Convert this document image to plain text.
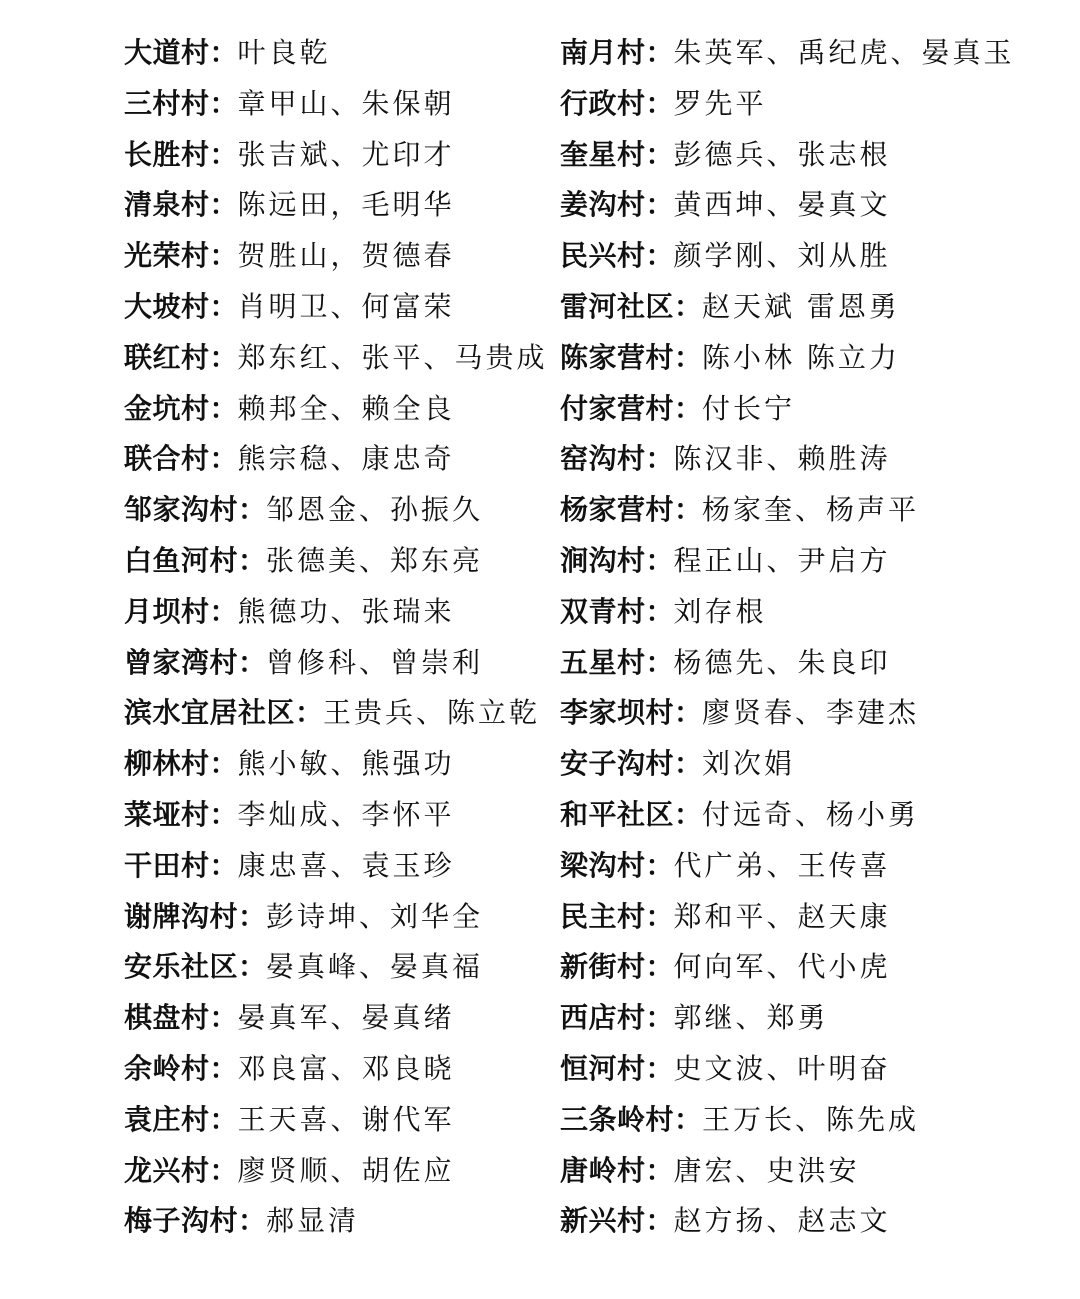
大道村：叶良乾
三村村：章甲山、朱保朝
长胜村：张吉斌、尤印才
清泉村：陈远田，毛明华
光荣村：贺胜山，贺德春
大坡村：肖明卫、何富荣
联红村：郑东红、张平、马贵成
金坑村：赖邦全、赖全良
联合村：熊宗稳、康忠奇
邹家沟村：邹恩金、孙振久
白鱼河村：张德美、郑东亮
月坝村：熊德功、张瑞来
曾家湾村：曾修科、曾崇利
滨水宜居社区：王贵兵、陈立乾
柳林村：熊小敏、熊强功
菜垭村：李灿成、李怀平
干田村：康忠喜、袁玉珍
谢牌沟村：彭诗坤、刘华全
安乐社区：晏真峰、晏真福
棋盘村：晏真军、晏真绪
余岭村：邓良富、邓良晓
袁庄村：王天喜、谢代军
龙兴村：廖贤顺、胡佐应
梅子沟村：郝显清
南月村：朱英军、禹纪虎、晏真玉
行政村：罗先平
奎星村：彭德兵、张志根
姜沟村：黄西坤、晏真文
民兴村：颜学刚、刘从胜
雷河社区：赵天斌 雷恩勇
陈家营村：陈小林 陈立力
付家营村：付长宁
窑沟村：陈汉非、赖胜涛
杨家营村：杨家奎、杨声平
涧沟村：程正山、尹启方
双青村：刘存根
五星村：杨德先、朱良印
李家坝村：廖贤春、李建杰
安子沟村：刘次娟
和平社区：付远奇、杨小勇
梁沟村：代广弟、王传喜
民主村：郑和平、赵天康
新街村：何向军、代小虎
西店村：郭继、郑勇
恒河村：史文波、叶明奋
三条岭村：王万长、陈先成
唐岭村：唐宏、史洪安
新兴村：赵方扬、赵志文
